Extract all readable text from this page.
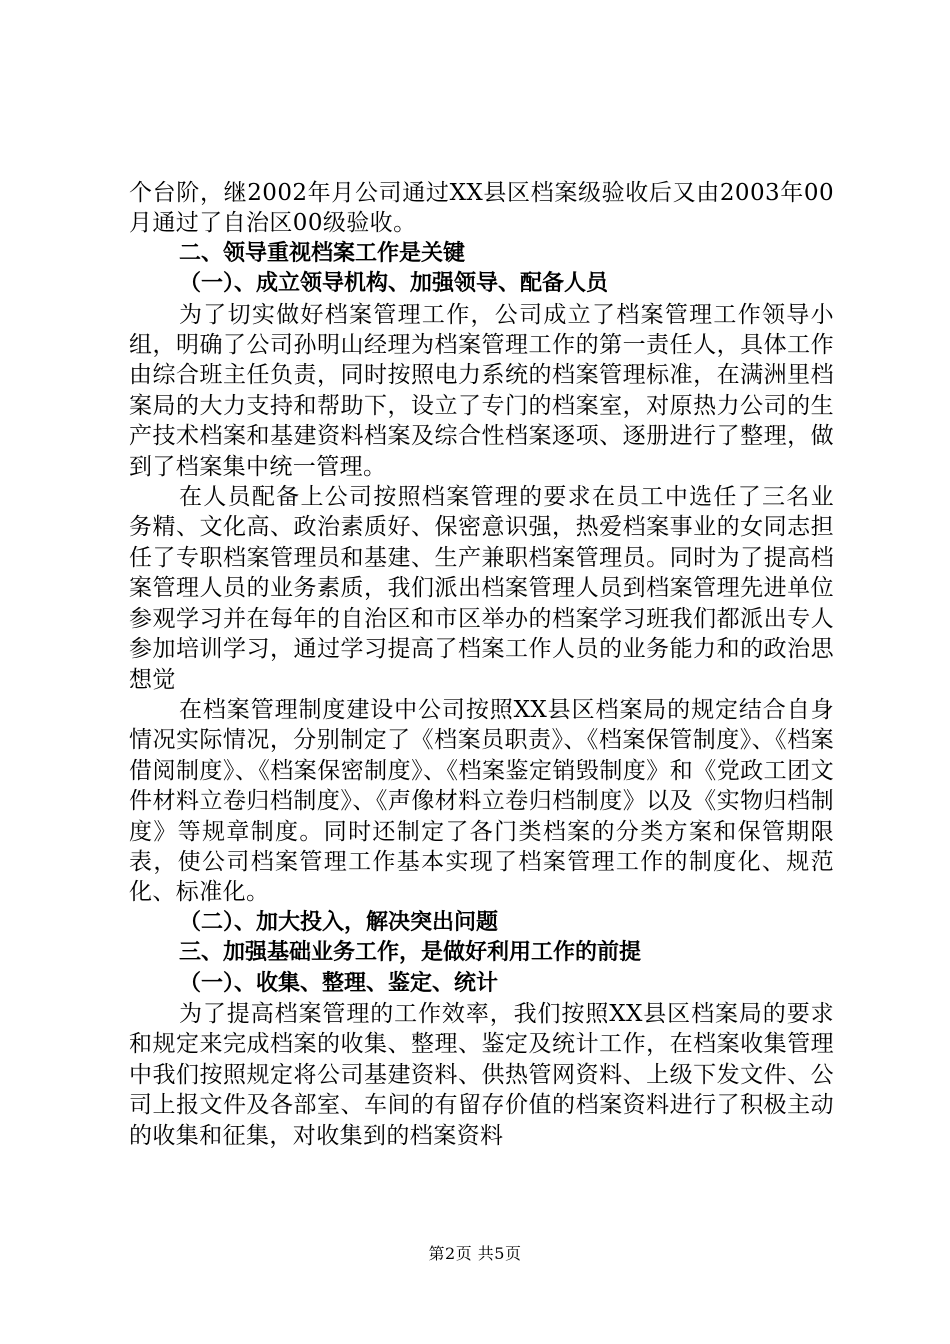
个台阶，继2002年月公司通过XX县区档案级验收后又由2003年00月通过了自治区00级验收。

二、领导重视档案工作是关键

（一）、成立领导机构、加强领导、配备人员

为了切实做好档案管理工作，公司成立了档案管理工作领导小组，明确了公司孙明山经理为档案管理工作的第一责任人，具体工作由综合班主任负责，同时按照电力系统的档案管理标准，在满洲里档案局的大力支持和帮助下，设立了专门的档案室，对原热力公司的生产技术档案和基建资料档案及综合性档案逐项、逐册进行了整理，做到了档案集中统一管理。

在人员配备上公司按照档案管理的要求在员工中选任了三名业务精、文化高、政治素质好、保密意识强，热爱档案事业的女同志担任了专职档案管理员和基建、生产兼职档案管理员。同时为了提高档案管理人员的业务素质，我们派出档案管理人员到档案管理先进单位参观学习并在每年的自治区和市区举办的档案学习班我们都派出专人参加培训学习，通过学习提高了档案工作人员的业务能力和的政治思想觉

在档案管理制度建设中公司按照XX县区档案局的规定结合自身情况实际情况，分别制定了《档案员职责》、《档案保管制度》、《档案借阅制度》、《档案保密制度》、《档案鉴定销毁制度》和《党政工团文件材料立卷归档制度》、《声像材料立卷归档制度》以及《实物归档制度》等规章制度。同时还制定了各门类档案的分类方案和保管期限表，使公司档案管理工作基本实现了档案管理工作的制度化、规范化、标准化。

（二）、加大投入，解决突出问题

三、加强基础业务工作，是做好利用工作的前提

（一）、收集、整理、鉴定、统计

为了提高档案管理的工作效率，我们按照XX县区档案局的要求和规定来完成档案的收集、整理、鉴定及统计工作，在档案收集管理中我们按照规定将公司基建资料、供热管网资料、上级下发文件、公司上报文件及各部室、车间的有留存价值的档案资料进行了积极主动的收集和征集，对收集到的档案资料

第2页 共5页
